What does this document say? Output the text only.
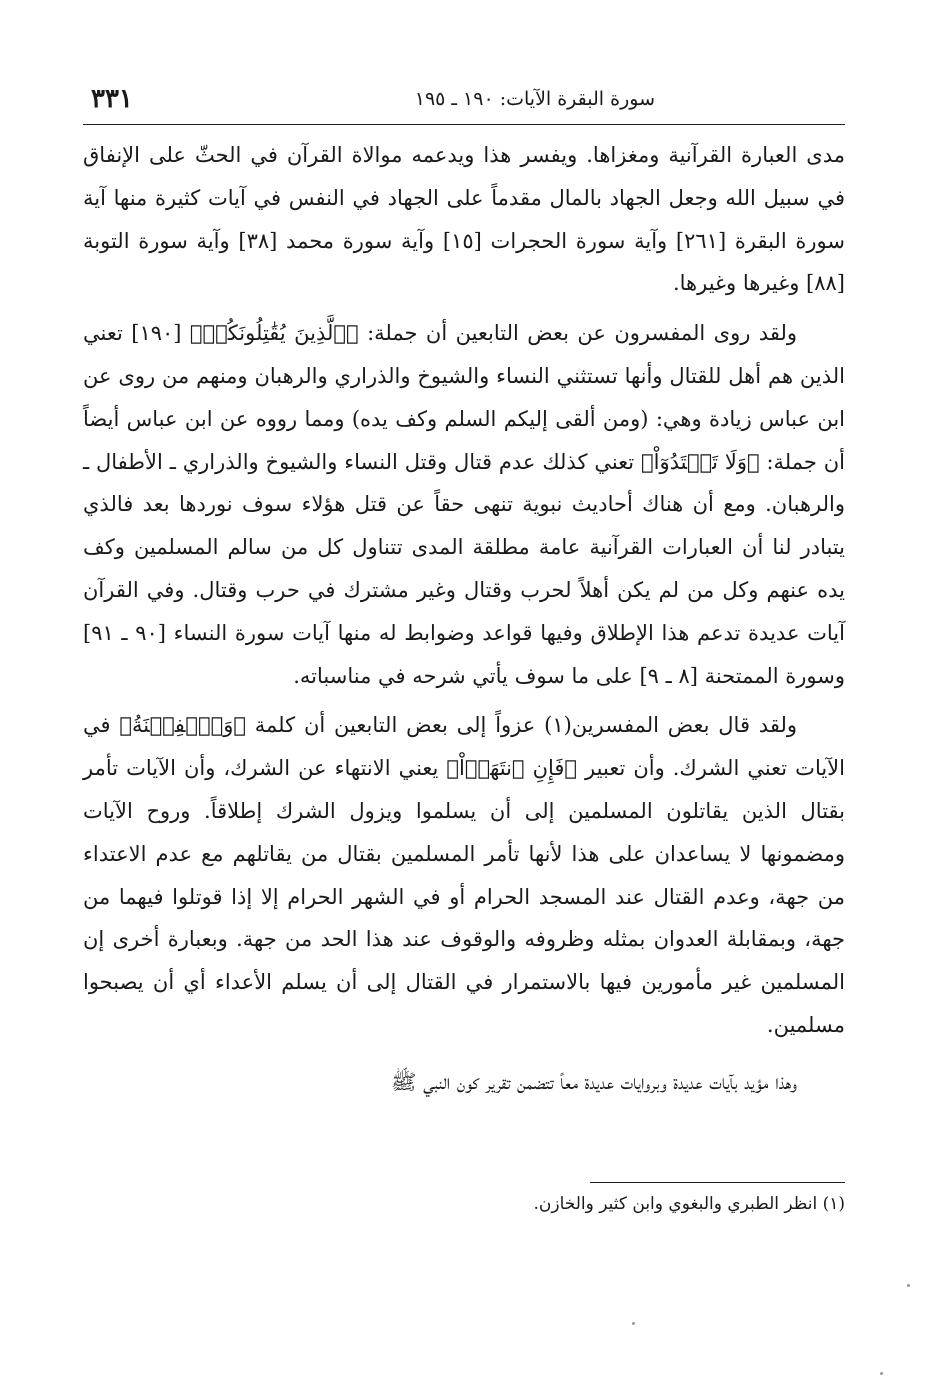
سورة البقرة الآيات: ١٩٠ ـ ١٩٥
٣٣١

مدى العبارة القرآنية ومغزاها. ويفسر هذا ويدعمه موالاة القرآن في الحثّ على الإنفاق في سبيل الله وجعل الجهاد بالمال مقدماً على الجهاد في النفس في آيات كثيرة منها آية سورة البقرة [٢٦١] وآية سورة الحجرات [١٥] وآية سورة محمد [٣٨] وآية سورة التوبة [٨٨] وغيرها وغيرها.

ولقد روى المفسرون عن بعض التابعين أن جملة: ﴿ٱلَّذِينَ يُقَٰتِلُونَكُمۡ﴾ [١٩٠] تعني الذين هم أهل للقتال وأنها تستثني النساء والشيوخ والذراري والرهبان ومنهم من روى عن ابن عباس زيادة وهي: (ومن ألقى إليكم السلم وكف يده) ومما رووه عن ابن عباس أيضاً أن جملة: ﴿وَلَا تَعۡتَدُوٓاْ﴾ تعني كذلك عدم قتال وقتل النساء والشيوخ والذراري ـ الأطفال ـ والرهبان. ومع أن هناك أحاديث نبوية تنهى حقاً عن قتل هؤلاء سوف نوردها بعد فالذي يتبادر لنا أن العبارات القرآنية عامة مطلقة المدى تتناول كل من سالم المسلمين وكف يده عنهم وكل من لم يكن أهلاً لحرب وقتال وغير مشترك في حرب وقتال. وفي القرآن آيات عديدة تدعم هذا الإطلاق وفيها قواعد وضوابط له منها آيات سورة النساء [٩٠ ـ ٩١] وسورة الممتحنة [٨ ـ ٩] على ما سوف يأتي شرحه في مناسباته.

ولقد قال بعض المفسرين(١) عزواً إلى بعض التابعين أن كلمة ﴿وَٱلۡفِتۡنَةُ﴾ في الآيات تعني الشرك. وأن تعبير ﴿فَإِنِ ٱنتَهَوۡاْ﴾ يعني الانتهاء عن الشرك، وأن الآيات تأمر بقتال الذين يقاتلون المسلمين إلى أن يسلموا ويزول الشرك إطلاقاً. وروح الآيات ومضمونها لا يساعدان على هذا لأنها تأمر المسلمين بقتال من يقاتلهم مع عدم الاعتداء من جهة، وعدم القتال عند المسجد الحرام أو في الشهر الحرام إلا إذا قوتلوا فيهما من جهة، وبمقابلة العدوان بمثله وظروفه والوقوف عند هذا الحد من جهة. وبعبارة أخرى إن المسلمين غير مأمورين فيها بالاستمرار في القتال إلى أن يسلم الأعداء أي أن يصبحوا مسلمين.

وهذا مؤيد بآيات عديدة وبروايات عديدة معاً تتضمن تقرير كون النبي ﷺ

(١) انظر الطبري والبغوي وابن كثير والخازن.
